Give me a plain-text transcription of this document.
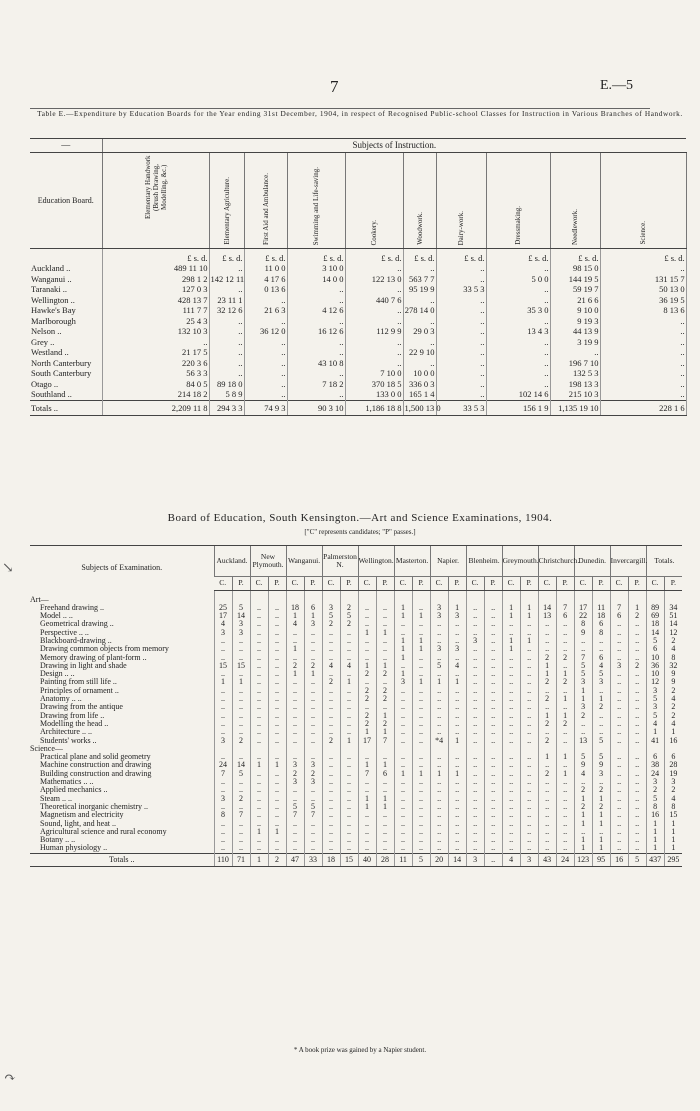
7	E.—5
Table E.—Expenditure by Education Boards for the Year ending 31st December, 1904, in respect of Recognised Public-school Classes for Instruction in Various Branches of Handwork.
—	Subjects of Instruction.										
Education Board.	Elementary Handwork (Brush Drawing, Modelling, &c.)	Elementary Agriculture.	First Aid and Ambulance.	Swimming and Life-saving.	Cookery.	Woodwork.	Dairy-work.	Dressmaking.	Needlework.	Science.	
	£ s. d.	£ s. d.	£ s. d.	£ s. d.	£ s. d.	£ s. d.	£ s. d.	£ s. d.	£ s. d.	£ s. d.	
Auckland ..	489 11 10	..	11 0 0	3 10 0	..	..	..	..	98 15 0	..	
Wanganui ..	298 1 2	142 12 11	4 17 6	14 0 0	122 13 0	563 7 7	..	5 0 0	144 19 5	131 15 7	
Taranaki ..	127 0 3	..	0 13 6	..	..	95 19 9	33 5 3	..	59 19 7	50 13 0	
Wellington ..	428 13 7	23 11 1	..	..	440 7 6	..	..	..	21 6 6	36 19 5	
Hawke's Bay	111 7 7	32 12 6	21 6 3	4 12 6	..	278 14 0	..	35 3 0	9 10 0	8 13 6	
Marlborough	25 4 3	..	..	..	..	..	..	..	9 19 3	..	
Nelson ..	132 10 3	..	36 12 0	16 12 6	112 9 9	29 0 3	..	13 4 3	44 13 9	..	
Grey ..	..	..	..	..	..	..	..	..	3 19 9	..	
Westland ..	21 17 5	..	..	..	..	22 9 10	..	..	..	..	
North Canterbury	220 3 6	..	..	43 10 8	..	..	..	..	196 7 10	..	
South Canterbury	56 3 3	..	..	..	7 10 0	10 0 0	..	..	132 5 3	..	
Otago ..	84 0 5	89 18 0	..	7 18 2	370 18 5	336 0 3	..	..	198 13 3	..	
Southland ..	214 18 2	5 8 9	..	..	133 0 0	165 1 4	..	102 14 6	215 10 3	..	
Totals ..	2,209 11 8	294 3 3	74 9 3	90 3 10	1,186 18 8	1,500 13 0	33 5 3	156 1 9	1,135 19 10	228 1 6	
Board of Education, South Kensington.—Art and Science Examinations, 1904.
["C" represents candidates; "P" passes.]
Subjects of Examination.	Auckland.		New Plymouth.		Wanganui.		Palmerston N.		Wellington.		Masterton.		Napier.		Blenheim.		Greymouth.		Christchurch.		Dunedin.		Invercargill.		Totals.	
	C.	P.	C.	P.	C.	P.	C.	P.	C.	P.	C.	P.	C.	P.	C.	P.	C.	P.	C.	P.	C.	P.	C.	P.	C.	P.
Art—																										
Freehand drawing ..	25	5	..	..	18	6	3	2	..	..	1	..	3	1	..	..	1	1	14	7	17	11	7	1	89	34
Model .. ..	17	14	..	..	1	1	5	5	..	..	1	1	3	3	..	..	1	1	13	6	22	18	6	2	69	51
Geometrical drawing ..	4	3	..	..	4	3	2	2	..	..	..	..	..	..	..	..	..	..	..	..	8	6	..	..	18	14
Perspective .. ..	3	3	..	..	..	..	..	..	1	1	..	..	..	..	..	..	..	..	..	..	9	8	..	..	14	12
Blackboard-drawing ..	..	..	..	..	..	..	..	..	..	..	1	1	..	..	3	..	1	1	..	..	..	..	..	..	5	2
Drawing common objects from memory	..	..	..	..	1	..	..	..	..	..	1	1	3	3	..	..	1	..	..	..	..	..	..	..	6	4
Memory drawing of plant-form ..	..	..	..	..	..	..	..	..	..	..	1	..	..	..	..	..	..	..	2	2	7	6	..	..	10	8
Drawing in light and shade	15	15	..	..	2	2	4	4	1	1	..	..	5	4	..	..	..	..	1	..	5	4	3	2	36	32
Design .. ..	..	..	..	..	1	1	..	..	2	2	1	..	..	..	..	..	..	..	1	1	5	5	..	..	10	9
Painting from still life ..	1	1	..	..	..	..	2	1	..	..	3	1	1	1	..	..	..	..	2	2	3	3	..	..	12	9
Principles of ornament ..	..	..	..	..	..	..	..	..	2	2	..	..	..	..	..	..	..	..	..	..	1	..	..	..	3	2
Anatomy .. ..	..	..	..	..	..	..	..	..	2	2	..	..	..	..	..	..	..	..	2	1	1	1	..	..	5	4
Drawing from the antique	..	..	..	..	..	..	..	..	..	..	..	..	..	..	..	..	..	..	..	..	3	2	..	..	3	2
Drawing from life ..	..	..	..	..	..	..	..	..	2	1	..	..	..	..	..	..	..	..	1	1	2	..	..	..	5	2
Modelling the head ..	..	..	..	..	..	..	..	..	2	2	..	..	..	..	..	..	..	..	2	2	..	..	..	..	4	4
Architecture .. ..	..	..	..	..	..	..	..	..	1	1	..	..	..	..	..	..	..	..	..	..	..	..	..	..	1	1
Students' works ..	3	2	..	..	..	..	2	1	17	7	..	..	*4	1	..	..	..	..	2	..	13	5	..	..	41	16
Science—																										
Practical plane and solid geometry	..	..	..	..	..	..	..	..	..	..	..	..	..	..	..	..	..	..	1	1	5	5	..	..	6	6
Machine construction and drawing	24	14	1	1	3	3	..	..	1	1	..	..	..	..	..	..	..	..	..	..	9	9	..	..	38	28
Building construction and drawing	7	5	..	..	2	2	..	..	7	6	1	1	1	1	..	..	..	..	2	1	4	3	..	..	24	19
Mathematics .. ..	..	..	..	..	3	3	..	..	..	..	..	..	..	..	..	..	..	..	..	..	..	..	..	..	3	3
Applied mechanics ..	..	..	..	..	..	..	..	..	..	..	..	..	..	..	..	..	..	..	..	..	2	2	..	..	2	2
Steam .. ..	3	2	..	..	..	..	..	..	1	1	..	..	..	..	..	..	..	..	..	..	1	1	..	..	5	4
Theoretical inorganic chemistry ..	..	..	..	..	5	5	..	..	1	1	..	..	..	..	..	..	..	..	..	..	2	2	..	..	8	8
Magnetism and electricity	8	7	..	..	7	7	..	..	..	..	..	..	..	..	..	..	..	..	..	..	1	1	..	..	16	15
Sound, light, and heat ..	..	..	..	..	..	..	..	..	..	..	..	..	..	..	..	..	..	..	..	..	1	1	..	..	1	1
Agricultural science and rural economy	..	..	1	1	..	..	..	..	..	..	..	..	..	..	..	..	..	..	..	..	..	..	..	..	1	1
Botany .. ..	..	..	..	..	..	..	..	..	..	..	..	..	..	..	..	..	..	..	..	..	1	1	..	..	1	1
Human physiology ..	..	..	..	..	..	..	..	..	..	..	..	..	..	..	..	..	..	..	..	..	1	1	..	..	1	1
Totals ..	110	71	1	2	47	33	18	15	40	28	11	5	20	14	3	..	4	3	43	24	123	95	16	5	437	295
* A book prize was gained by a Napier student.
↘
↷
